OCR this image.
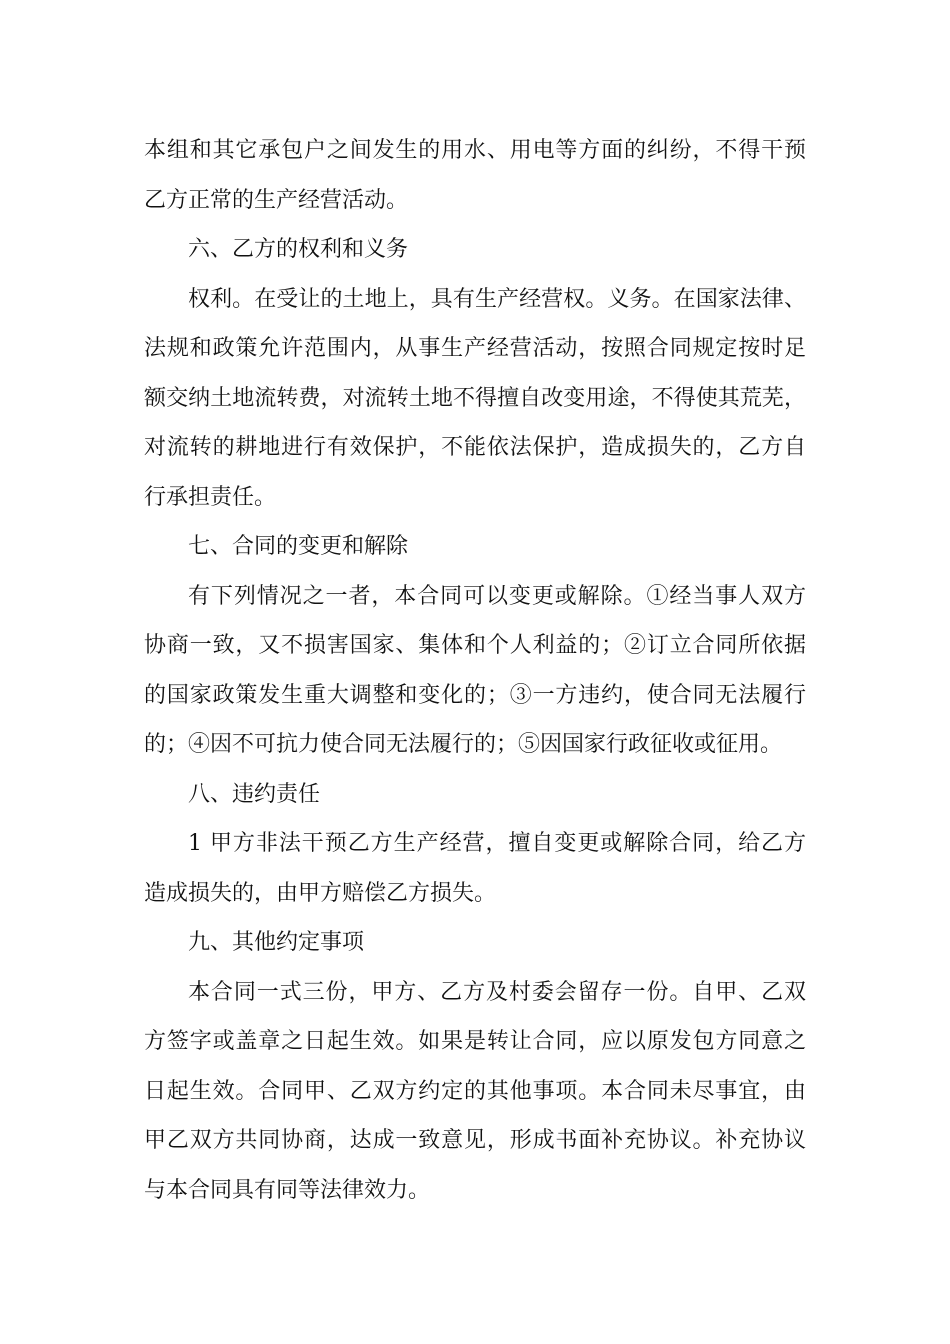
本组和其它承包户之间发生的用水、用电等方面的纠纷，不得干预
乙方正常的生产经营活动。
六、乙方的权利和义务
权利。在受让的土地上，具有生产经营权。义务。在国家法律、
法规和政策允许范围内，从事生产经营活动，按照合同规定按时足
额交纳土地流转费，对流转土地不得擅自改变用途，不得使其荒芜，
对流转的耕地进行有效保护，不能依法保护，造成损失的，乙方自
行承担责任。
七、合同的变更和解除
有下列情况之一者，本合同可以变更或解除。①经当事人双方
协商一致，又不损害国家、集体和个人利益的；②订立合同所依据
的国家政策发生重大调整和变化的；③一方违约，使合同无法履行
的；④因不可抗力使合同无法履行的；⑤因国家行政征收或征用。
八、违约责任
1 甲方非法干预乙方生产经营，擅自变更或解除合同，给乙方
造成损失的，由甲方赔偿乙方损失。
九、其他约定事项
本合同一式三份，甲方、乙方及村委会留存一份。自甲、乙双
方签字或盖章之日起生效。如果是转让合同，应以原发包方同意之
日起生效。合同甲、乙双方约定的其他事项。本合同未尽事宜，由
甲乙双方共同协商，达成一致意见，形成书面补充协议。补充协议
与本合同具有同等法律效力。
